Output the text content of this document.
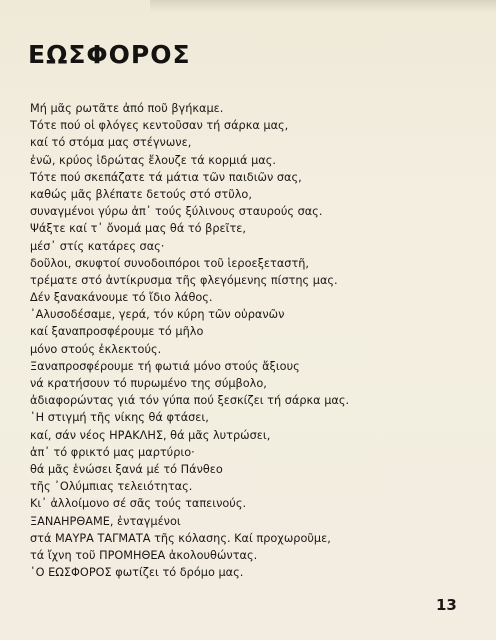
ΕΩΣΦΟΡΟΣ
Μή μᾶς ρωτᾶτε ἀπό ποῦ βγήκαμε.
Τότε πού οἱ φλόγες κεντοῦσαν τή σάρκα μας,
καί τό στόμα μας στέγνωνε,
ἐνῶ, κρύος ἱδρώτας ἔλουζε τά κορμιά μας.
Τότε πού σκεπάζατε τά μάτια τῶν παιδιῶν σας,
καθώς μᾶς βλέπατε δετούς στό στῦλο,
συναγμένοι γύρω ἀπ᾽ τούς ξύλινους σταυρούς σας.
Ψάξτε καί τ᾽ ὄνομά μας θά τό βρεῖτε,
μέσ᾽ στίς κατάρες σας·
δοῦλοι, σκυφτοί συνοδοιπόροι τοῦ ἱεροεξεταστῆ,
τρέματε στό ἀντίκρυσμα τῆς φλεγόμενης πίστης μας.
Δέν ξανακάνουμε τό ἴδιο λάθος.
᾿Αλυσοδέσαμε, γερά, τόν κύρη τῶν οὐρανῶν
καί ξαναπροσφέρουμε τό μῆλο
μόνο στούς ἐκλεκτούς.
Ξαναπροσφέρουμε τή φωτιά μόνο στούς ἄξιους
νά κρατήσουν τό πυρωμένο της σύμβολο,
ἀδιαφορώντας γιά τόν γύπα πού ξεσκίζει τή σάρκα μας.
῾Η στιγμή τῆς νίκης θά φτάσει,
καί, σάν νέος ΗΡΑΚΛΗΣ, θά μᾶς λυτρώσει,
ἀπ᾽ τό φρικτό μας μαρτύριο·
θά μᾶς ἑνώσει ξανά μέ τό Πάνθεο
τῆς ᾿Ολύμπιας τελειότητας.
Κι᾽ ἀλλοίμονο σέ σᾶς τούς ταπεινούς.
ΞΑΝΑΗΡΘΑΜΕ, ἐνταγμένοι
στά ΜΑΥΡΑ ΤΑΓΜΑΤΑ τῆς κόλασης. Καί προχωροῦμε,
τά ἴχνη τοῦ ΠΡΟΜΗΘΕΑ ἀκολουθώντας.
῾Ο ΕΩΣΦΟΡΟΣ φωτίζει τό δρόμο μας.
13
